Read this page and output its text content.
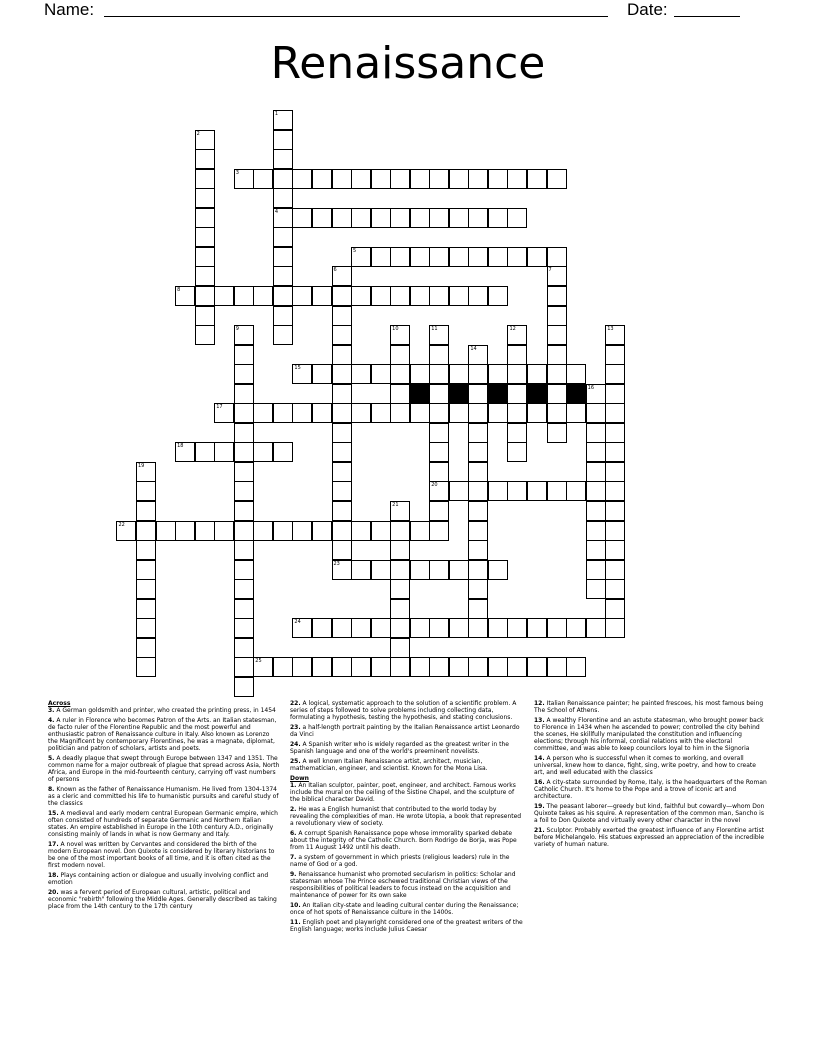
Name:	Date:
Renaissance
1
4
2
3
5
6
23
7
8
9	10	11
20
12	13
14
15
16
17
18
19
21
22
24
25
Across
3. A German goldsmith and printer, who created the printing press, in 1454
4. A ruler in Florence who becomes Patron of the Arts. an Italian statesman, de facto ruler of the Florentine Republic and the most powerful and enthusiastic patron of Renaissance culture in Italy. Also known as Lorenzo the Magnificent by contemporary Florentines, he was a magnate, diplomat, politician and patron of scholars, artists and poets.
5. A deadly plague that swept through Europe between 1347 and 1351. The common name for a major outbreak of plague that spread across Asia, North Africa, and Europe in the mid-fourteenth century, carrying off vast numbers of persons
8. Known as the father of Renaissance Humanism. He lived from 1304-1374 as a cleric and committed his life to humanistic pursuits and careful study of the classics
15. A medieval and early modern central European Germanic empire, which often consisted of hundreds of separate Germanic and Northern Italian states. An empire established in Europe in the 10th century A.D., originally consisting mainly of lands in what is now Germany and Italy.
17. A novel was written by Cervantes and considered the birth of the modern European novel. Don Quixote is considered by literary historians to be one of the most important books of all time, and it is often cited as the first modern novel.
18. Plays containing action or dialogue and usually involving conflict and emotion
20. was a fervent period of European cultural, artistic, political and economic "rebirth" following the Middle Ages. Generally described as taking place from the 14th century to the 17th century
22. A logical, systematic approach to the solution of a scientific problem. A series of steps followed to solve problems including collecting data, formulating a hypothesis, testing the hypothesis, and stating conclusions.
23. a half-length portrait painting by the Italian Renaissance artist Leonardo da Vinci
24. A Spanish writer who is widely regarded as the greatest writer in the Spanish language and one of the world's preeminent novelists.
25. A well known Italian Renaissance artist, architect, musician, mathematician, engineer, and scientist. Known for the Mona Lisa.
Down
1. An Italian sculptor, painter, poet, engineer, and architect. Famous works include the mural on the ceiling of the Sistine Chapel, and the sculpture of the biblical character David.
2. He was a English humanist that contributed to the world today by revealing the complexities of man. He wrote Utopia, a book that represented a revolutionary view of society.
6. A corrupt Spanish Renaissance pope whose immorality sparked debate about the integrity of the Catholic Church. Born Rodrigo de Borja, was Pope from 11 August 1492 until his death.
7. a system of government in which priests (religious leaders) rule in the name of God or a god.
9. Renaissance humanist who promoted secularism in politics: Scholar and statesman whose The Prince eschewed traditional Christian views of the responsibilities of political leaders to focus instead on the acquisition and maintenance of power for its own sake
10. An Italian city-state and leading cultural center during the Renaissance; once of hot spots of Renaissance culture in the 1400s.
11. English poet and playwright considered one of the greatest writers of the English language; works include Julius Caesar
12. Italian Renaissance painter; he painted frescoes, his most famous being The School of Athens.
13. A wealthy Florentine and an astute statesman, who brought power back to Florence in 1434 when he ascended to power; controlled the city behind the scenes, He skillfully manipulated the constitution and influencing elections; through his informal, cordial relations with the electoral committee, and was able to keep councilors loyal to him in the Signoria
14. A person who is successful when it comes to working, and overall universal, knew how to dance, fight, sing, write poetry, and how to create art, and well educated with the classics
16. A city-state surrounded by Rome, Italy, is the headquarters of the Roman Catholic Church. It's home to the Pope and a trove of iconic art and architecture.
19. The peasant laborer—greedy but kind, faithful but cowardly—whom Don Quixote takes as his squire. A representation of the common man, Sancho is a foil to Don Quixote and virtually every other character in the novel
21. Sculptor. Probably exerted the greatest influence of any Florentine artist before Michelangelo. His statues expressed an appreciation of the incredible variety of human nature.
